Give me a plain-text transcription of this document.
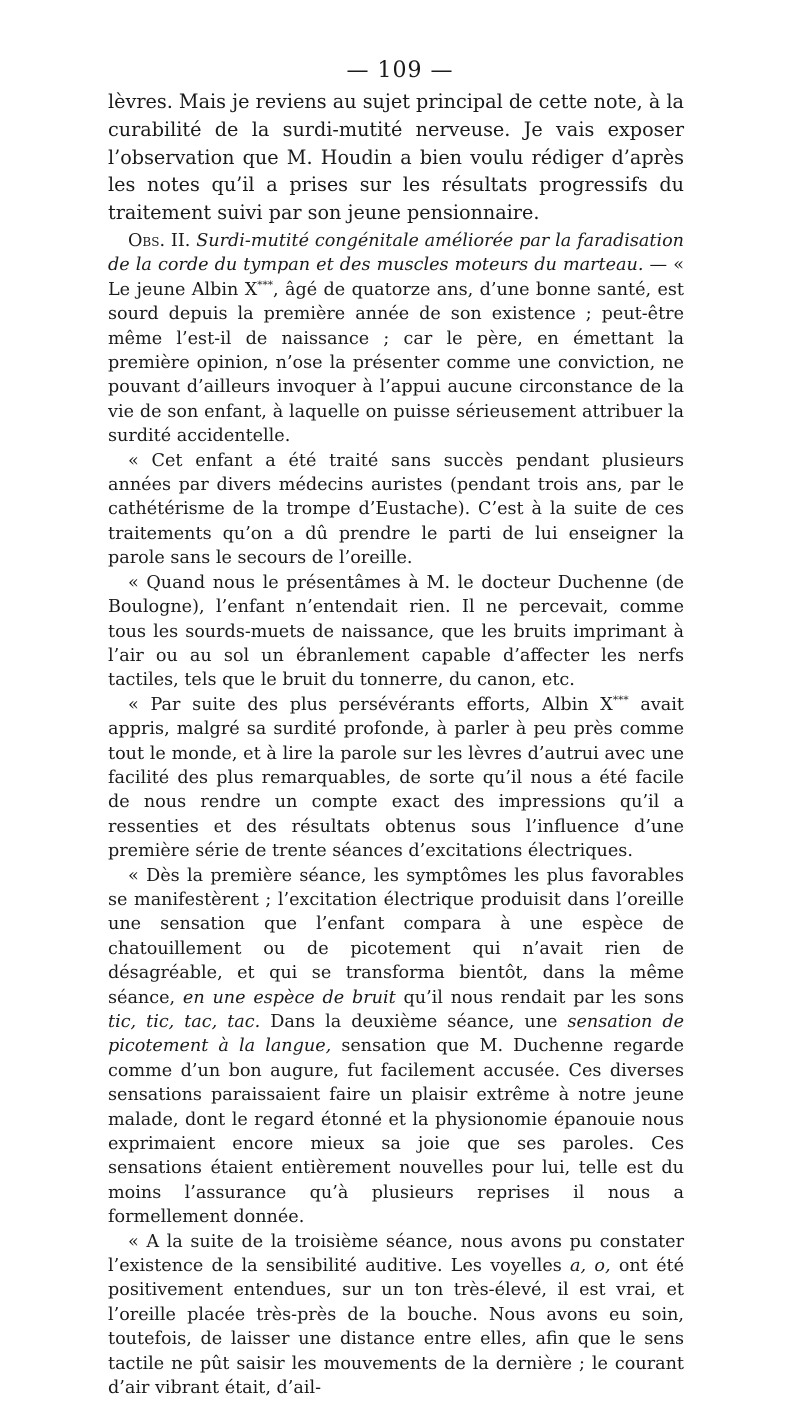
— 109 —

lèvres. Mais je reviens au sujet principal de cette note, à la curabilité de la surdi-mutité nerveuse. Je vais exposer l’observation que M. Houdin a bien voulu rédiger d’après les notes qu’il a prises sur les résultats progressifs du traitement suivi par son jeune pensionnaire.

Obs. II. Surdi-mutité congénitale améliorée par la faradisation de la corde du tympan et des muscles moteurs du marteau. — « Le jeune Albin X***, âgé de quatorze ans, d’une bonne santé, est sourd depuis la première année de son existence ; peut-être même l’est-il de naissance ; car le père, en émettant la première opinion, n’ose la présenter comme une conviction, ne pouvant d’ailleurs invoquer à l’appui aucune circonstance de la vie de son enfant, à laquelle on puisse sérieusement attribuer la surdité accidentelle.

« Cet enfant a été traité sans succès pendant plusieurs années par divers médecins auristes (pendant trois ans, par le cathétérisme de la trompe d’Eustache). C’est à la suite de ces traitements qu’on a dû prendre le parti de lui enseigner la parole sans le secours de l’oreille.

« Quand nous le présentâmes à M. le docteur Duchenne (de Boulogne), l’enfant n’entendait rien. Il ne percevait, comme tous les sourds-muets de naissance, que les bruits imprimant à l’air ou au sol un ébranlement capable d’affecter les nerfs tactiles, tels que le bruit du tonnerre, du canon, etc.

« Par suite des plus persévérants efforts, Albin X*** avait appris, malgré sa surdité profonde, à parler à peu près comme tout le monde, et à lire la parole sur les lèvres d’autrui avec une facilité des plus remarquables, de sorte qu’il nous a été facile de nous rendre un compte exact des impressions qu’il a ressenties et des résultats obtenus sous l’influence d’une première série de trente séances d’excitations électriques.

« Dès la première séance, les symptômes les plus favorables se manifestèrent ; l’excitation électrique produisit dans l’oreille une sensation que l’enfant compara à une espèce de chatouillement ou de picotement qui n’avait rien de désagréable, et qui se transforma bientôt, dans la même séance, en une espèce de bruit qu’il nous rendait par les sons tic, tic, tac, tac. Dans la deuxième séance, une sensation de picotement à la langue, sensation que M. Duchenne regarde comme d’un bon augure, fut facilement accusée. Ces diverses sensations paraissaient faire un plaisir extrême à notre jeune malade, dont le regard étonné et la physionomie épanouie nous exprimaient encore mieux sa joie que ses paroles. Ces sensations étaient entièrement nouvelles pour lui, telle est du moins l’assurance qu’à plusieurs reprises il nous a formellement donnée.

« A la suite de la troisième séance, nous avons pu constater l’existence de la sensibilité auditive. Les voyelles a, o, ont été positivement entendues, sur un ton très-élevé, il est vrai, et l’oreille placée très-près de la bouche. Nous avons eu soin, toutefois, de laisser une distance entre elles, afin que le sens tactile ne pût saisir les mouvements de la dernière ; le courant d’air vibrant était, d’ail-
